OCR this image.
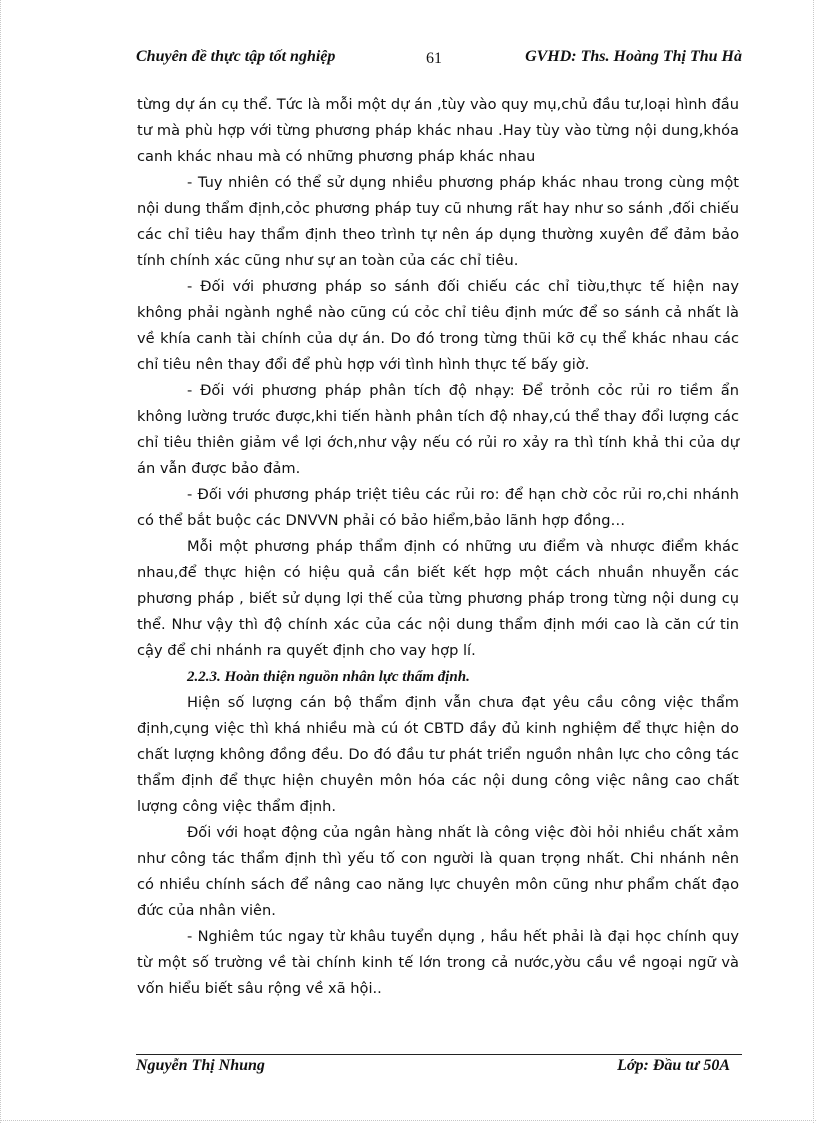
Chuyên đề thực tập tốt nghiệp	61	GVHD: Ths. Hoàng Thị Thu Hà

từng dự án cụ thể. Tức là mỗi một dự án ,tùy vào quy mụ,chủ đầu tư,loại hình đầu tư mà phù hợp với từng phương pháp khác nhau .Hay tùy vào từng nội dung,khóa canh khác nhau mà có những phương pháp khác nhau

- Tuy nhiên có thể sử dụng nhiều phương pháp khác nhau trong cùng một nội dung thẩm định,cỏc phương pháp tuy cũ nhưng rất hay như so sánh ,đối chiếu các chỉ tiêu hay thẩm định theo trình tự nên áp dụng thường xuyên để đảm bảo tính chính xác cũng như sự an toàn của các chỉ tiêu.

- Đối với phương pháp so sánh đối chiếu các chỉ tiờu,thực tế hiện nay không phải ngành nghề nào cũng cú cỏc chỉ tiêu định mức để so sánh cả nhất là về khía canh tài chính của dự án. Do đó trong từng thũi kỡ cụ thể khác nhau các chỉ tiêu nên thay đổi để phù hợp với tình hình thực tế bấy giờ.

- Đối với phương pháp phân tích độ nhạy: Để trỏnh cỏc rủi ro tiềm ẩn không lường trước được,khi tiến hành phân tích độ nhay,cú thể thay đổi lượng các chỉ tiêu thiên giảm về lợi ớch,như vậy nếu có rủi ro xảy ra thì tính khả thi của dự án vẫn được bảo đảm.

- Đối với phương pháp triệt tiêu các rủi ro: để hạn chờ cỏc rủi ro,chi nhánh có thể bắt buộc các DNVVN phải có bảo hiểm,bảo lãnh hợp đồng…

Mỗi một phương pháp thẩm định có những ưu điểm và nhược điểm khác nhau,để thực hiện có hiệu quả cần biết kết hợp một cách nhuần nhuyễn các phương pháp , biết sử dụng lợi thế của từng phương pháp trong từng nội dung cụ thể. Như vậy thì độ chính xác của các nội dung thẩm định mới cao là căn cứ tin cậy để chi nhánh ra quyết định cho vay hợp lí.

2.2.3. Hoàn thiện nguồn nhân lực thẩm định.

Hiện số lượng cán bộ thẩm định vẫn chưa đạt yêu cầu công việc thẩm định,cụng việc thì khá nhiều mà cú ót CBTD đầy đủ kinh nghiệm để thực hiện do chất lượng không đồng đều. Do đó đầu tư phát triển nguồn nhân lực cho công tác thẩm định để thực hiện chuyên môn hóa các nội dung công việc nâng cao chất lượng công việc thẩm định.

Đối với hoạt động của ngân hàng nhất là công việc đòi hỏi nhiều chất xảm như công tác thẩm định thì yếu tố con người là quan trọng nhất. Chi nhánh nên có nhiều chính sách để nâng cao năng lực chuyên môn cũng như phẩm chất đạo đức của nhân viên.

- Nghiêm túc ngay từ khâu tuyển dụng , hầu hết phải là đại học chính quy từ một số trường về tài chính kinh tế lớn trong cả nước,yờu cầu về ngoại ngữ và vốn hiểu biết sâu rộng về xã hội..

Nguyễn Thị Nhung	Lớp: Đầu tư 50A
